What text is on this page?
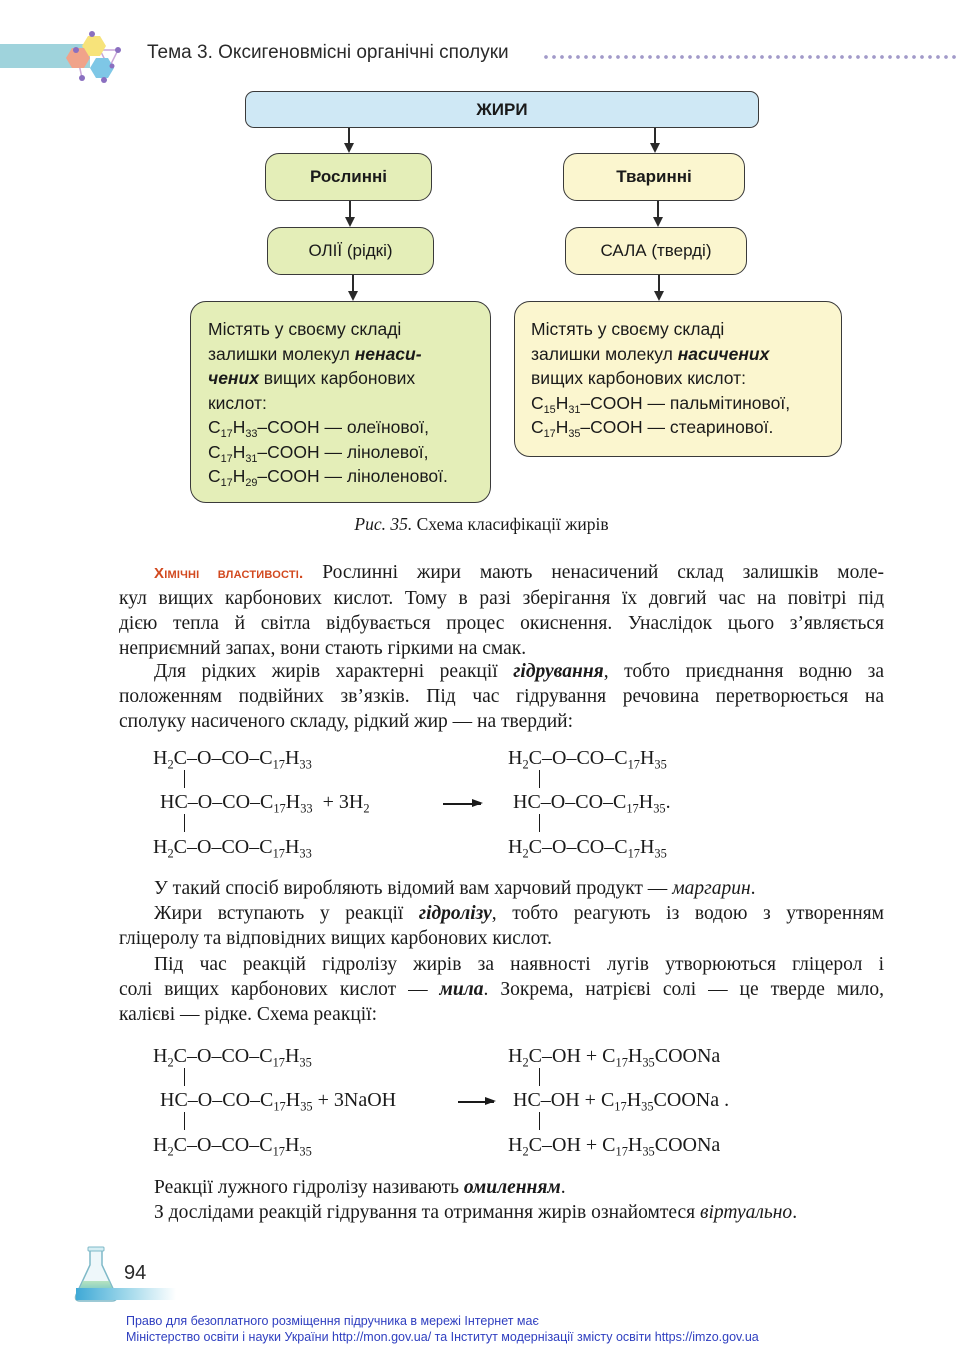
Тема 3. Оксигеновмісні органічні сполуки
ЖИРИ
Рослинні	Тваринні
ОЛІЇ (рідкі)	САЛА (тверді)
Містять у своєму складі
залишки молекул ненаси-
чених вищих карбонових
кислот:
$C_{17}H_{33}$–COOH — олеїнової,
$C_{17}H_{31}$–COOH — лінолевої,
$C_{17}H_{29}$–COOH — ліноленової.
Містять у своєму складі
залишки молекул насичених
вищих карбонових кислот:
$C_{15}H_{31}$–COOH — пальмітинової,
$C_{17}H_{35}$–COOH — стеаринової.
Рис. 35. Схема класифікації жирів
Хімічні властивості. Рослинні жири мають ненасичений склад залишків моле-
кул вищих карбонових кислот. Тому в разі зберігання їх довгий час на повітрі під
дією тепла й світла відбувається процес окиснення. Унаслідок цього з’являється
неприємний запах, вони стають гіркими на смак.
Для рідких жирів характерні реакції гідрування, тобто приєднання водню за
положенням подвійних зв’язків. Під час гідрування речовина перетворюється на
сполуку насиченого складу, рідкий жир — на твердий:
$H_2C-O-CO-C_{17}H_{33}$
$HC-O-CO-C_{17}H_{33} + 3H_2$
$H_2C-O-CO-C_{17}H_{33}$
$H_2C-O-CO-C_{17}H_{35}$
$HC-O-CO-C_{17}H_{35}$.
$H_2C-O-CO-C_{17}H_{35}$
У такий спосіб виробляють відомий вам харчовий продукт — маргарин.
Жири вступають у реакції гідролізу, тобто реагують із водою з утворенням
гліцеролу та відповідних вищих карбонових кислот.
Під час реакцій гідролізу жирів за наявності лугів утворюються гліцерол і
солі вищих карбонових кислот — мила. Зокрема, натрієві солі — це тверде мило,
калієві — рідке. Схема реакції:
$H_2C-O-CO-C_{17}H_{35}$
$HC-O-CO-C_{17}H_{35}$ + 3NaOH
$H_2C-O-CO-C_{17}H_{35}$
$H_2C-OH$ + $C_{17}H_{35}COONa$
$HC-OH + C_{17}H_{35}COONa$ .
$H_2C-OH$ + $C_{17}H_{35}COONa$
Реакції лужного гідролізу називають омиленням.
З дослідами реакцій гідрування та отримання жирів ознайомтеся віртуально.
94
Право для безоплатного розміщення підручника в мережі Інтернет має
Міністерство освіти і науки України http://mon.gov.ua/ та Інститут модернізації змісту освіти https://imzo.gov.ua
